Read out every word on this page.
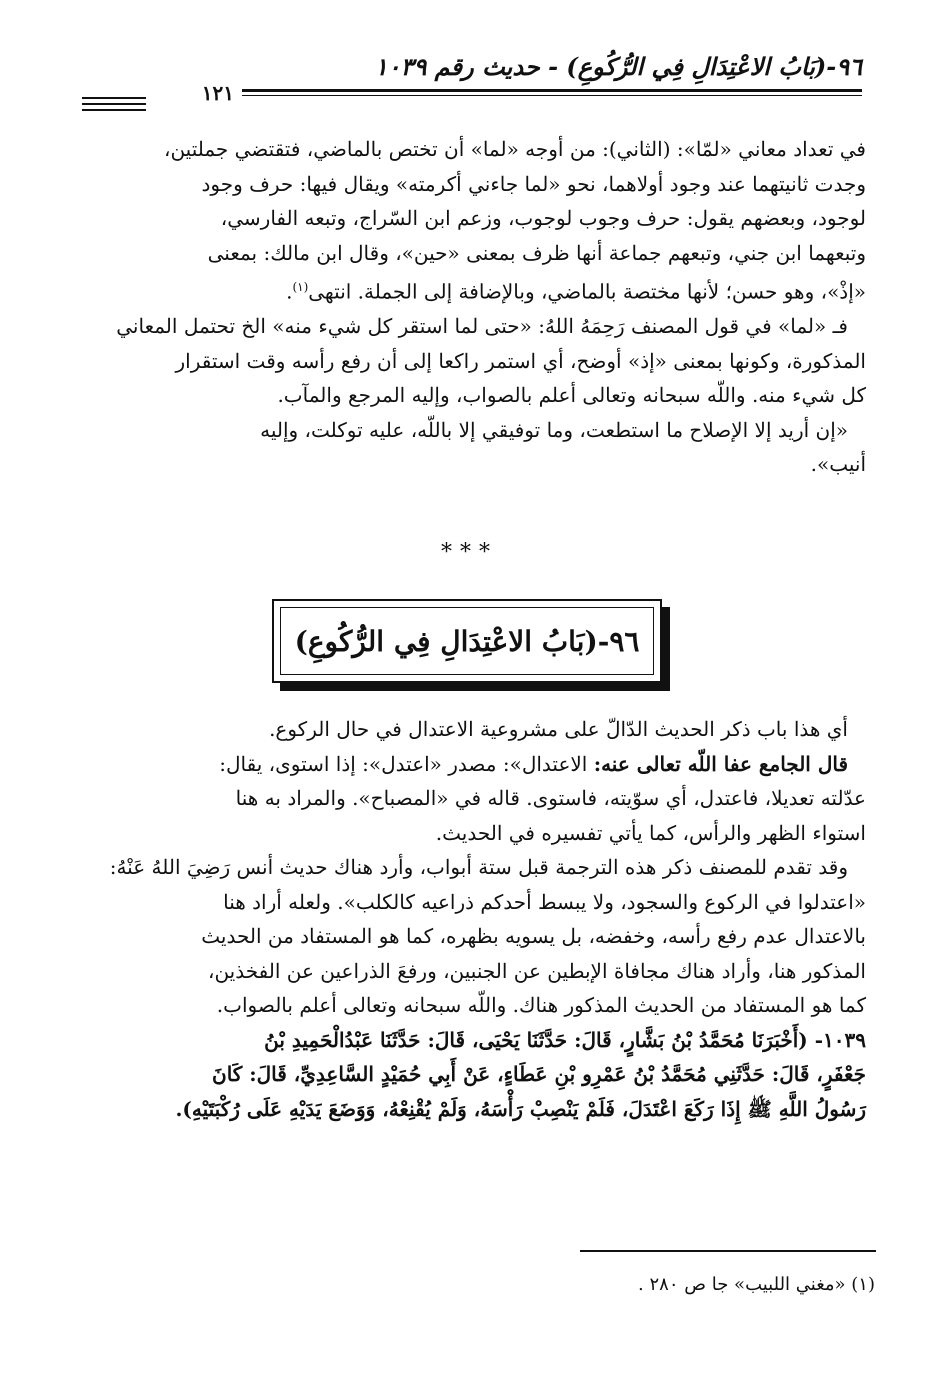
٩٦-(بَابُ الاعْتِدَالِ فِي الرُّكُوعِ) - حديث رقم ١٠٣٩
١٢١

في تعداد معاني «لمّا»: (الثاني): من أوجه «لما» أن تختص بالماضي، فتقتضي جملتين،

وجدت ثانيتهما عند وجود أولاهما، نحو «لما جاءني أكرمته» ويقال فيها: حرف وجود

لوجود، وبعضهم يقول: حرف وجوب لوجوب، وزعم ابن السّراج، وتبعه الفارسي،

وتبعهما ابن جني، وتبعهم جماعة أنها ظرف بمعنى «حين»، وقال ابن مالك: بمعنى

«إذْ»، وهو حسن؛ لأنها مختصة بالماضي، وبالإضافة إلى الجملة. انتهى$^{(١)}$.

فـ «لما» في قول المصنف رَحِمَهُ اللهُ: «حتى لما استقر كل شيء منه» الخ تحتمل المعاني

المذكورة، وكونها بمعنى «إذ» أوضح، أي استمر راكعا إلى أن رفع رأسه وقت استقرار

كل شيء منه. واللّه سبحانه وتعالى أعلم بالصواب، وإليه المرجع والمآب.

«إن أريد إلا الإصلاح ما استطعت، وما توفيقي إلا باللّه، عليه توكلت، وإليه

أنيب».

***
٩٦-(بَابُ الاعْتِدَالِ فِي الرُّكُوعِ)

أي هذا باب ذكر الحديث الدّالّ على مشروعية الاعتدال في حال الركوع.

قال الجامع عفا اللّه تعالى عنه: الاعتدال»: مصدر «اعتدل»: إذا استوى، يقال:

عدّلته تعديلا، فاعتدل، أي سوّيته، فاستوى. قاله في «المصباح». والمراد به هنا

استواء الظهر والرأس، كما يأتي تفسيره في الحديث.

وقد تقدم للمصنف ذكر هذه الترجمة قبل ستة أبواب، وأرد هناك حديث أنس رَضِيَ اللهُ عَنْهُ:

«اعتدلوا في الركوع والسجود، ولا يبسط أحدكم ذراعيه كالكلب». ولعله أراد هنا

بالاعتدال عدم رفع رأسه، وخفضه، بل يسويه بظهره، كما هو المستفاد من الحديث

المذكور هنا، وأراد هناك مجافاة الإبطين عن الجنبين، ورفعَ الذراعين عن الفخذين،

كما هو المستفاد من الحديث المذكور هناك. واللّه سبحانه وتعالى أعلم بالصواب.

١٠٣٩- (أَخْبَرَنَا مُحَمَّدُ بْنُ بَشَّارٍ، قَالَ: حَدَّثَنَا يَحْيَى، قَالَ: حَدَّثَنَا عَبْدُالْحَمِيدِ بْنُ

جَعْفَرٍ، قَالَ: حَدَّثَنِي مُحَمَّدُ بْنُ عَمْرِو بْنِ عَطَاءٍ، عَنْ أَبِي حُمَيْدٍ السَّاعِدِيِّ، قَالَ: كَانَ

رَسُولُ اللَّهِ ﷺ إِذَا رَكَعَ اعْتَدَلَ، فَلَمْ يَنْصِبْ رَأْسَهُ، وَلَمْ يُقْنِعْهُ، وَوَضَعَ يَدَيْهِ عَلَى رُكْبَتَيْهِ).

(١) «مغني اللبيب» جا ص ٢٨٠ .
